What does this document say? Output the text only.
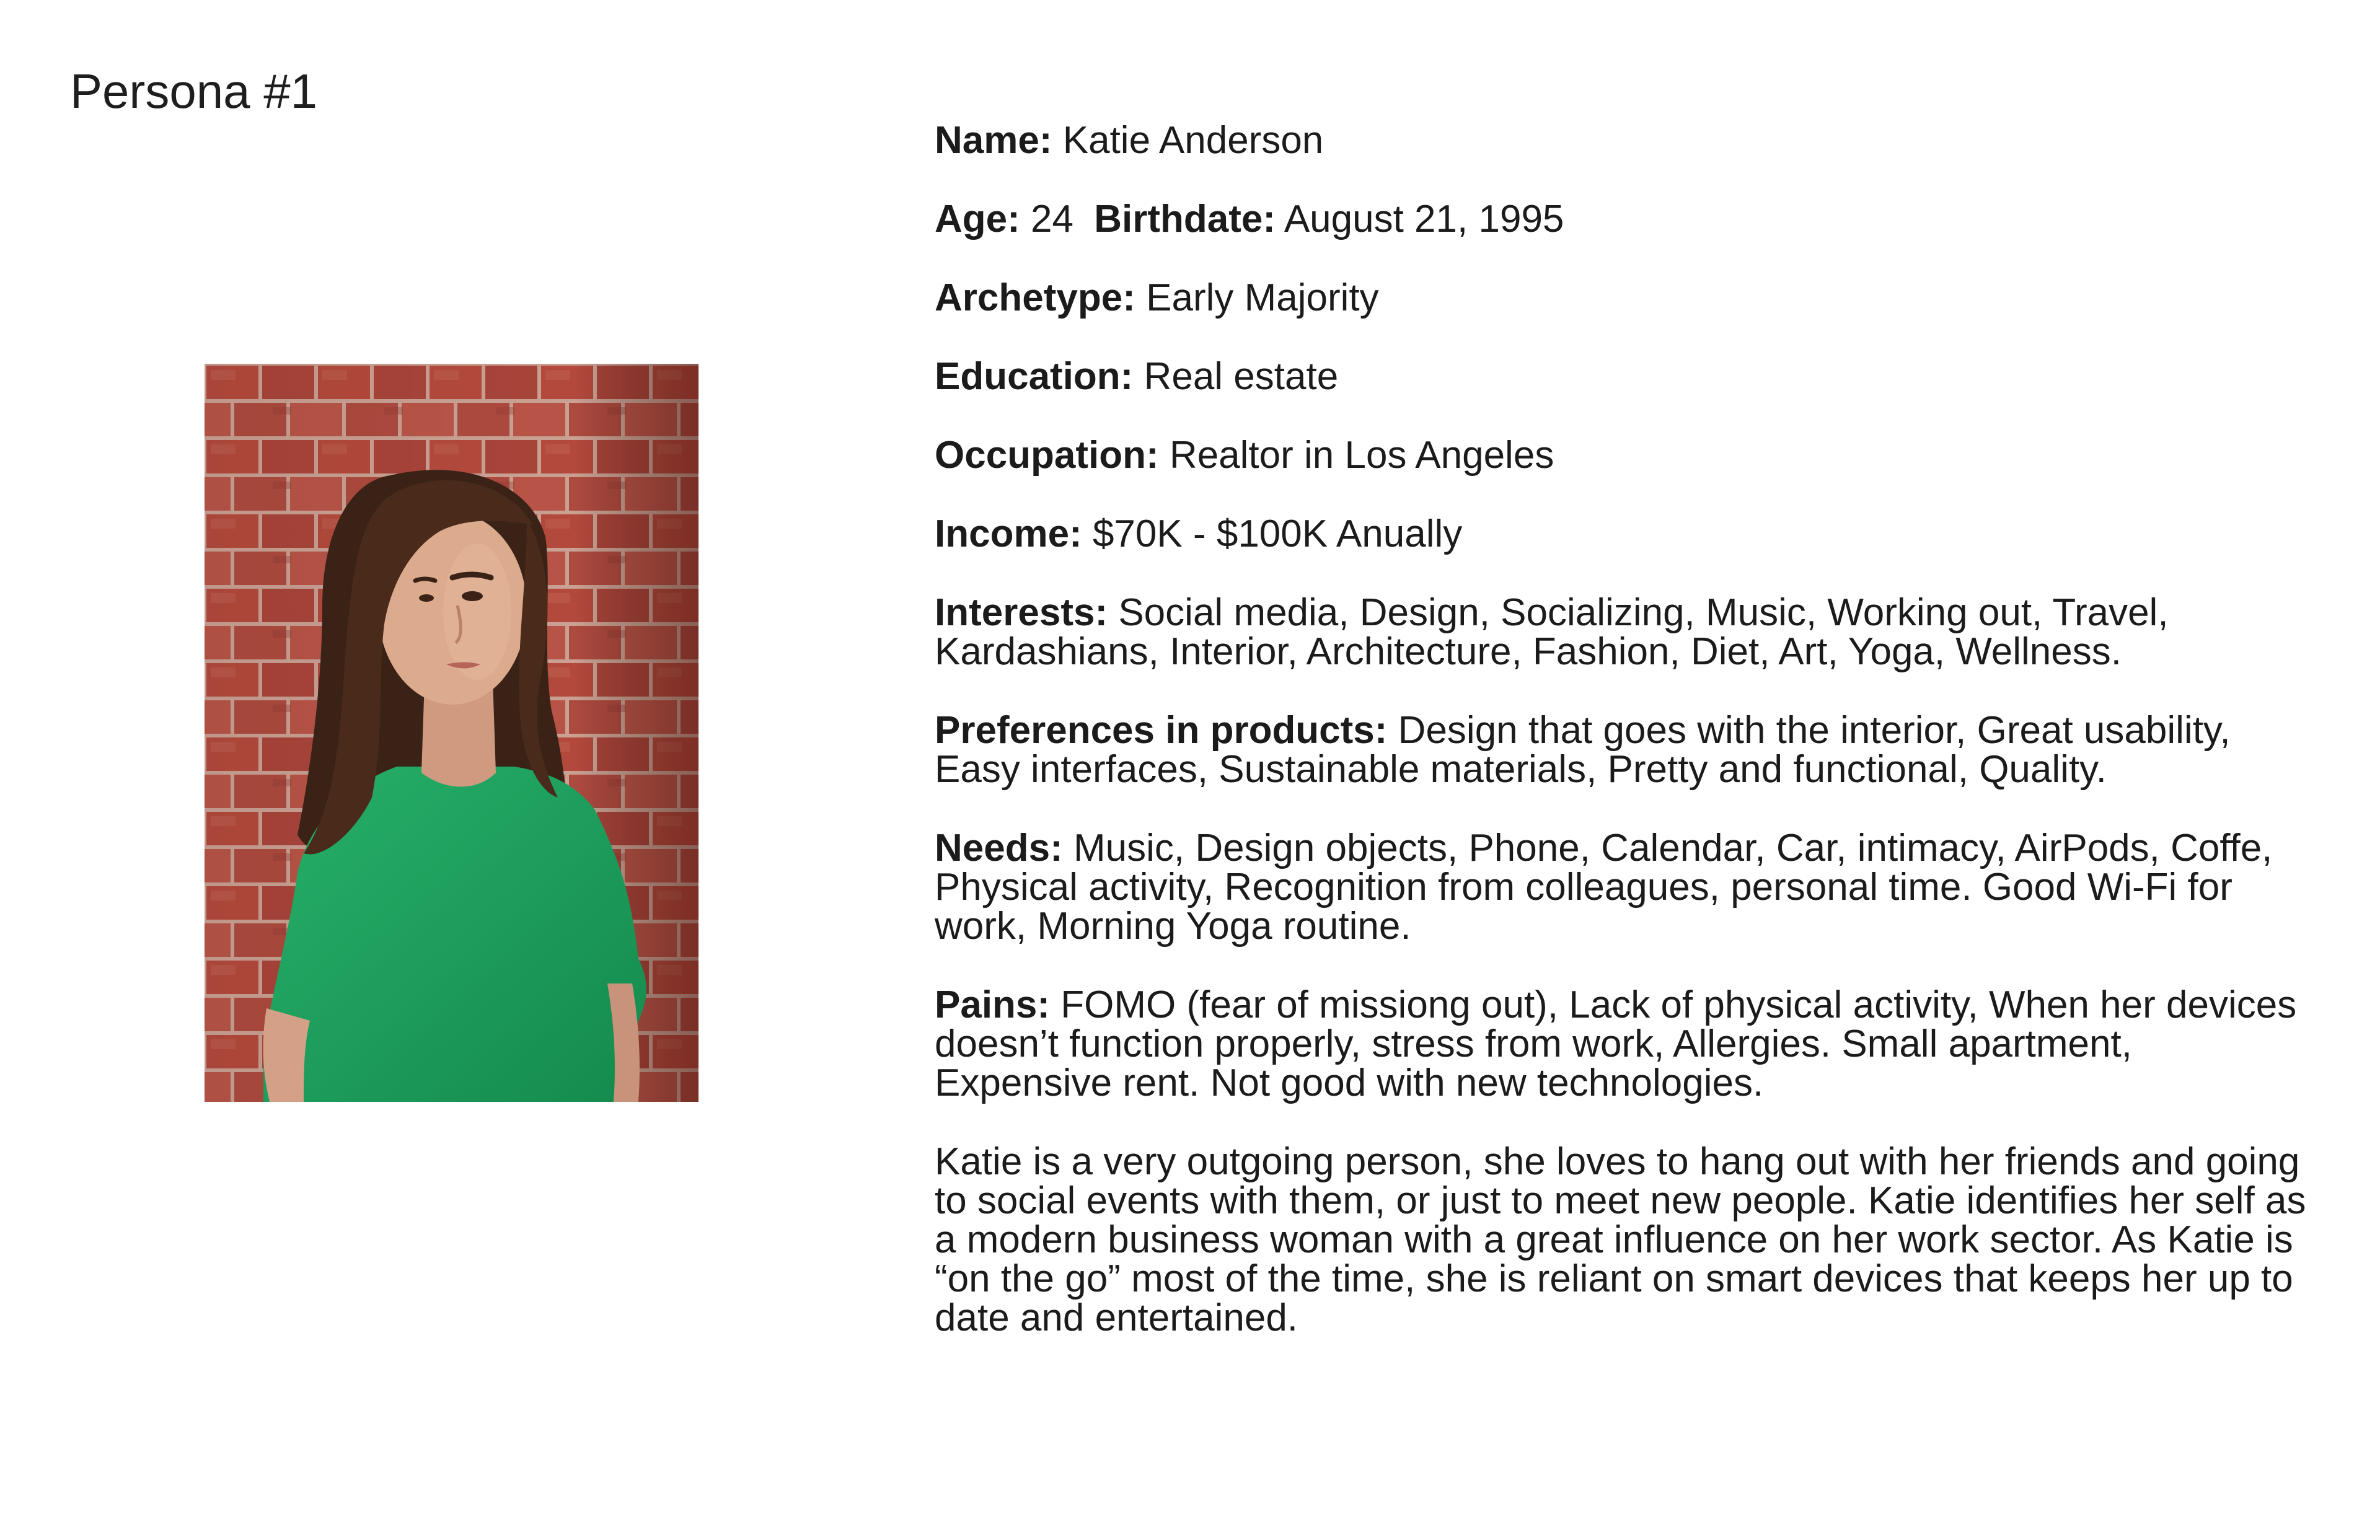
Persona #1

Name: Katie Anderson

Age: 24 Birthdate: August 21, 1995

Archetype: Early Majority

Education: Real estate

Occupation: Realtor in Los Angeles

Income: $70K - $100K Anually

Interests: Social media, Design, Socializing, Music, Working out, Travel, Kardashians, Interior, Architecture, Fashion, Diet, Art, Yoga, Wellness.

Preferences in products: Design that goes with the interior, Great usability, Easy interfaces, Sustainable materials, Pretty and functional, Quality.

Needs: Music, Design objects, Phone, Calendar, Car, intimacy, AirPods, Coffe, Physical activity, Recognition from colleagues, personal time. Good Wi-Fi for work, Morning Yoga routine.

Pains: FOMO (fear of missiong out), Lack of physical activity, When her devices doesn’t function properly, stress from work, Allergies. Small apartment, Expensive rent. Not good with new technologies.

Katie is a very outgoing person, she loves to hang out with her friends and going to social events with them, or just to meet new people. Katie identifies her self as a modern business woman with a great influence on her work sector. As Katie is “on the go” most of the time, she is reliant on smart devices that keeps her up to date and entertained.
